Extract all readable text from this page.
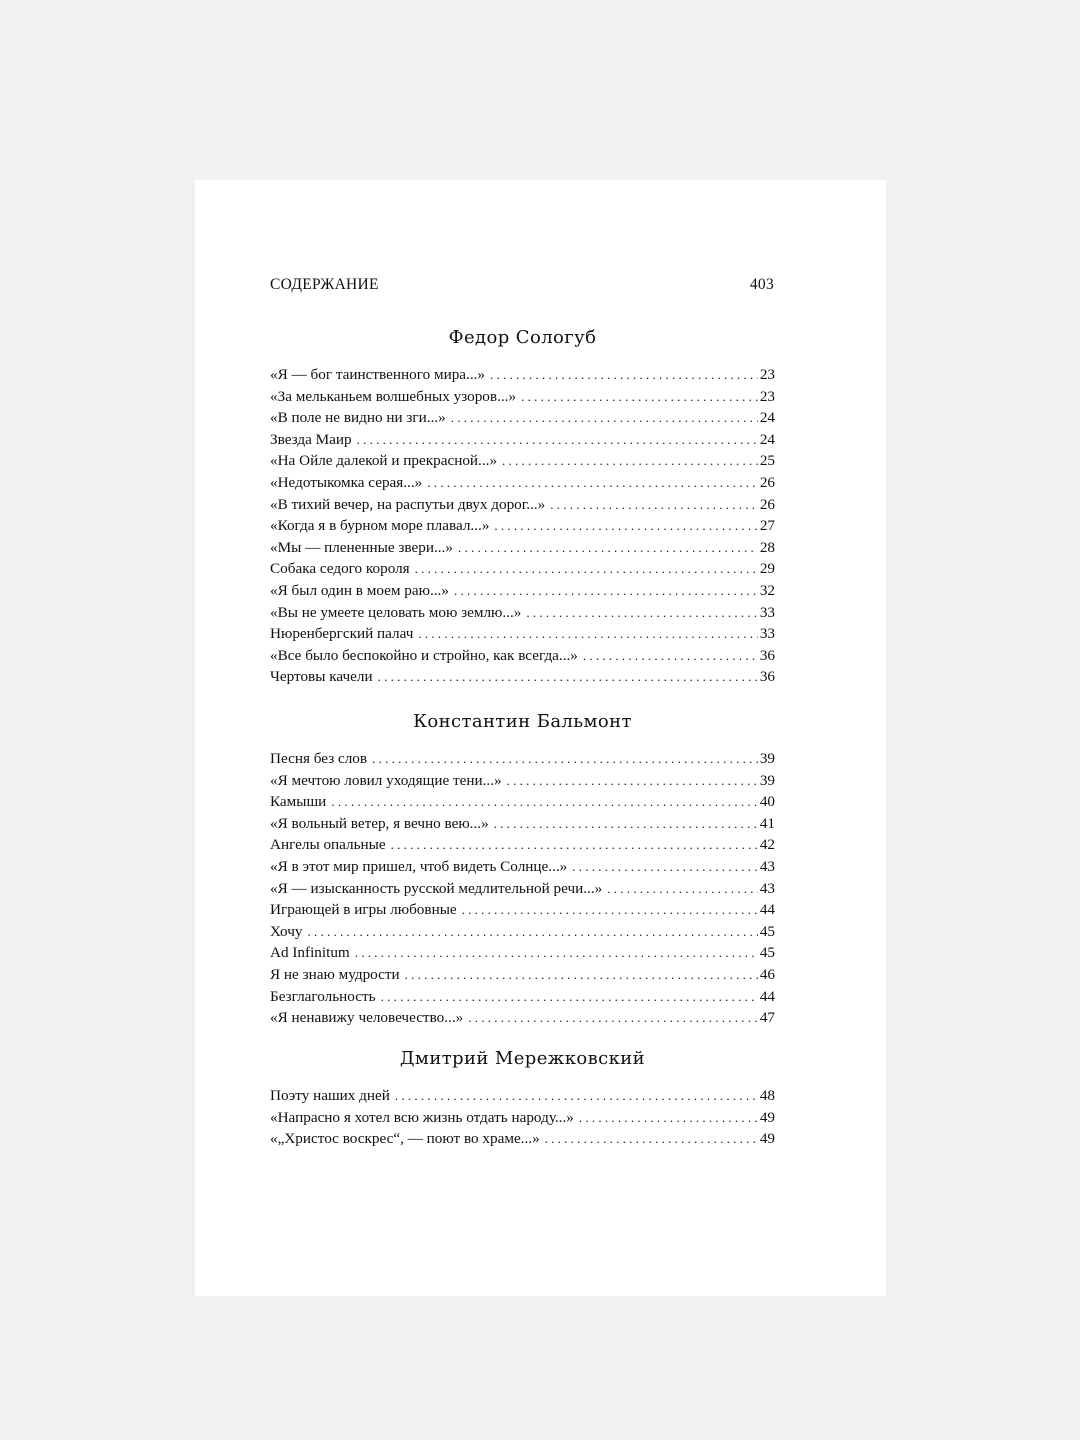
СОДЕРЖАНИЕ	403
Федор Сологуб
«Я — бог таинственного мира...» . . .	23
«За мельканьем волшебных узоров...» . . .	23
«В поле не видно ни зги...» . . .	24
Звезда Маир . . .	24
«На Ойле далекой и прекрасной...» . . .	25
«Недотыкомка серая...» . . .	26
«В тихий вечер, на распутьи двух дорог...» . . .	26
«Когда я в бурном море плавал...» . . .	27
«Мы — плененные звери...» . . .	28
Собака седого короля . . .	29
«Я был один в моем раю...» . . .	32
«Вы не умеете целовать мою землю...» . . .	33
Нюренбергский палач . . .	33
«Все было беспокойно и стройно, как всегда...» . . .	36
Чертовы качели . . .	36
Константин Бальмонт
Песня без слов . . .	39
«Я мечтою ловил уходящие тени...» . . .	39
Камыши . . .	40
«Я вольный ветер, я вечно вею...» . . .	41
Ангелы опальные . . .	42
«Я в этот мир пришел, чтоб видеть Солнце...» . . .	43
«Я — изысканность русской медлительной речи...» . . .	43
Играющей в игры любовные . . .	44
Хочу . . .	45
Ad Infinitum . . .	45
Я не знаю мудрости . . .	46
Безглагольность . . .	44
«Я ненавижу человечество...» . . .	47
Дмитрий Мережковский
Поэту наших дней . . .	48
«Напрасно я хотел всю жизнь отдать народу...» . . .	49
«„Христос воскрес“, — поют во храме...» . . .	49
